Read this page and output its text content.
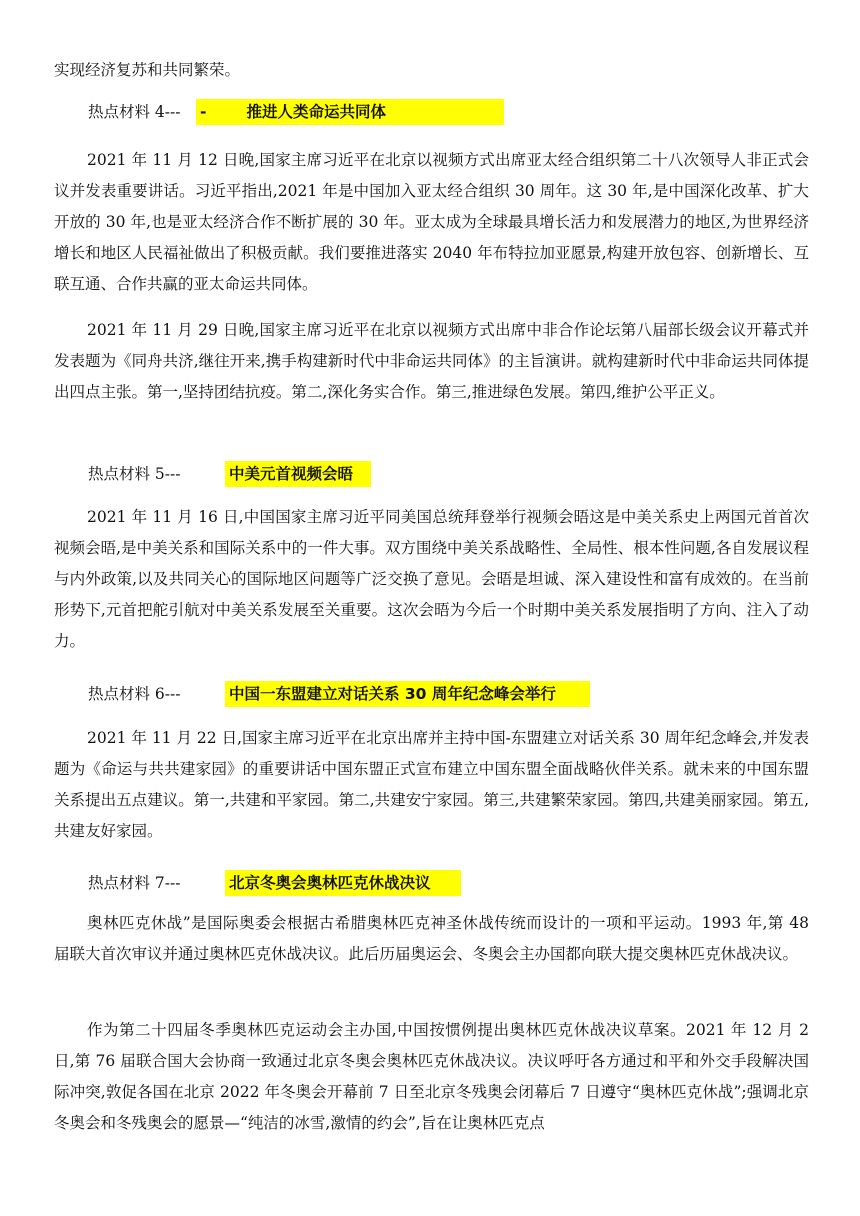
实现经济复苏和共同繁荣。

热点材料 4--- -	推进人类命运共同体

2021 年 11 月 12 日晚,国家主席习近平在北京以视频方式出席亚太经合组织第二十八次领导人非正式会议并发表重要讲话。习近平指出,2021 年是中国加入亚太经合组织 30 周年。这 30 年,是中国深化改革、扩大开放的 30 年,也是亚太经济合作不断扩展的 30 年。亚太成为全球最具增长活力和发展潜力的地区,为世界经济增长和地区人民福祉做出了积极贡献。我们要推进落实 2040 年布特拉加亚愿景,构建开放包容、创新增长、互联互通、合作共赢的亚太命运共同体。

2021 年 11 月 29 日晚,国家主席习近平在北京以视频方式出席中非合作论坛第八届部长级会议开幕式并发表题为《同舟共济,继往开来,携手构建新时代中非命运共同体》的主旨演讲。就构建新时代中非命运共同体提出四点主张。第一,坚持团结抗疫。第二,深化务实合作。第三,推进绿色发展。第四,维护公平正义。

热点材料 5---	中美元首视频会晤

2021 年 11 月 16 日,中国国家主席习近平同美国总统拜登举行视频会晤这是中美关系史上两国元首首次视频会晤,是中美关系和国际关系中的一件大事。双方围绕中美关系战略性、全局性、根本性问题,各自发展议程与内外政策,以及共同关心的国际地区问题等广泛交换了意见。会晤是坦诚、深入建设性和富有成效的。在当前形势下,元首把舵引航对中美关系发展至关重要。这次会晤为今后一个时期中美关系发展指明了方向、注入了动力。

热点材料 6---	中国一东盟建立对话关系 30 周年纪念峰会举行

2021 年 11 月 22 日,国家主席习近平在北京出席并主持中国-东盟建立对话关系 30 周年纪念峰会,并发表题为《命运与共共建家园》的重要讲话中国东盟正式宣布建立中国东盟全面战略伙伴关系。就未来的中国东盟关系提出五点建议。第一,共建和平家园。第二,共建安宁家园。第三,共建繁荣家园。第四,共建美丽家园。第五,共建友好家园。

热点材料 7---	北京冬奥会奥林匹克休战决议

奥林匹克休战”是国际奥委会根据古希腊奥林匹克神圣休战传统而设计的一项和平运动。1993 年,第 48 届联大首次审议并通过奥林匹克休战决议。此后历届奥运会、冬奥会主办国都向联大提交奥林匹克休战决议。

作为第二十四届冬季奥林匹克运动会主办国,中国按惯例提出奥林匹克休战决议草案。2021 年 12 月 2 日,第 76 届联合国大会协商一致通过北京冬奥会奥林匹克休战决议。决议呼吁各方通过和平和外交手段解决国际冲突,敦促各国在北京 2022 年冬奥会开幕前 7 日至北京冬残奥会闭幕后 7 日遵守“奥林匹克休战”;强调北京冬奥会和冬残奥会的愿景—“纯洁的冰雪,激情的约会”,旨在让奥林匹克点
